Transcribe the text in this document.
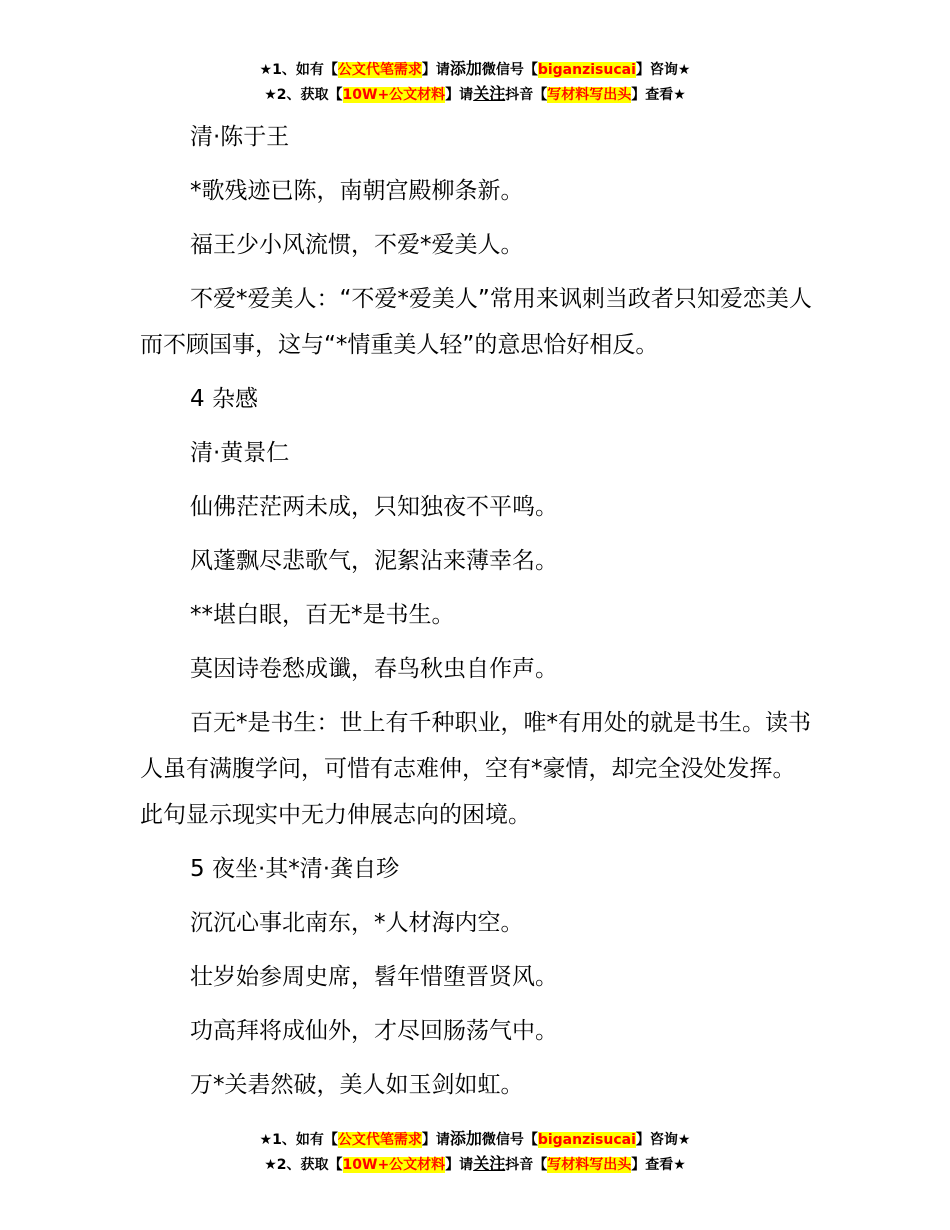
★1、如有【公文代笔需求】请添加微信号【biganzisucai】咨询★
★2、获取【10W+公文材料】请关注抖音【写材料写出头】查看★

清·陈于王

*歌残迹已陈，南朝宫殿柳条新。

福王少小风流惯，不爱*爱美人。

不爱*爱美人：“不爱*爱美人”常用来讽刺当政者只知爱恋美人而不顾国事，这与“*情重美人轻”的意思恰好相反。

4 杂感

清·黄景仁

仙佛茫茫两未成，只知独夜不平鸣。

风蓬飘尽悲歌气，泥絮沾来薄幸名。

**堪白眼，百无*是书生。

莫因诗卷愁成谶，春鸟秋虫自作声。

百无*是书生：世上有千种职业，唯*有用处的就是书生。读书人虽有满腹学问，可惜有志难伸，空有*豪情，却完全没处发挥。此句显示现实中无力伸展志向的困境。

5 夜坐·其*清·龚自珍

沉沉心事北南东，*人材海内空。

壮岁始参周史席，髫年惜堕晋贤风。

功高拜将成仙外，才尽回肠荡气中。

万*关砉然破，美人如玉剑如虹。

★1、如有【公文代笔需求】请添加微信号【biganzisucai】咨询★
★2、获取【10W+公文材料】请关注抖音【写材料写出头】查看★
